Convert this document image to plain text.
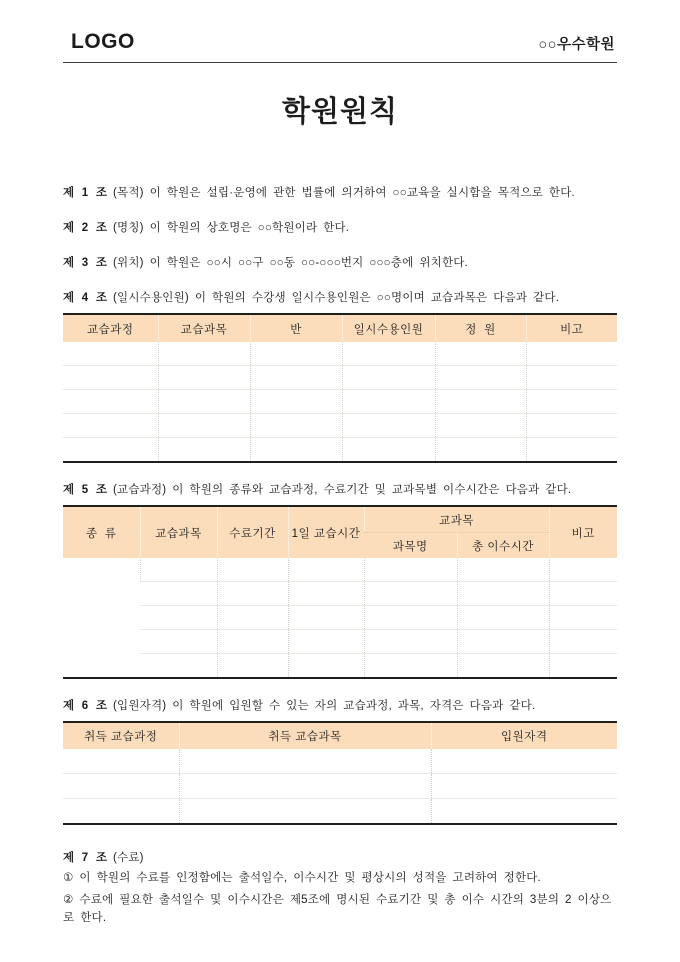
LOGO	○○우수학원
학원원칙

제 1 조 (목적) 이 학원은 설립·운영에 관한 법률에 의거하여 ○○교육을 실시함을 목적으로 한다.

제 2 조 (명칭) 이 학원의 상호명은 ○○학원이라 한다.

제 3 조 (위치) 이 학원은 ○○시 ○○구 ○○동 ○○-○○○번지 ○○○층에 위치한다.

제 4 조 (일시수용인원) 이 학원의 수강생 일시수용인원은 ○○명이며 교습과목은 다음과 같다.

교습과정	교습과목	반	일시수용인원	정  원	비고

제 5 조 (교습과정) 이 학원의 종류와 교습과정, 수료기간 및 교과목별 이수시간은 다음과 같다.

종  류	교습과목	수료기간	1일 교습시간	교과목		비고
				과목명	총 이수시간	

제 6 조 (입원자격) 이 학원에 입원할 수 있는 자의 교습과정, 과목, 자격은 다음과 같다.

취득 교습과정	취득 교습과목	입원자격

제 7 조 (수료)

① 이 학원의 수료를 인정함에는 출석일수, 이수시간 및 평상시의 성적을 고려하여 정한다.

② 수료에 필요한 출석일수 및 이수시간은 제5조에 명시된 수료기간 및 총 이수 시간의 3분의 2 이상으로 한다.
